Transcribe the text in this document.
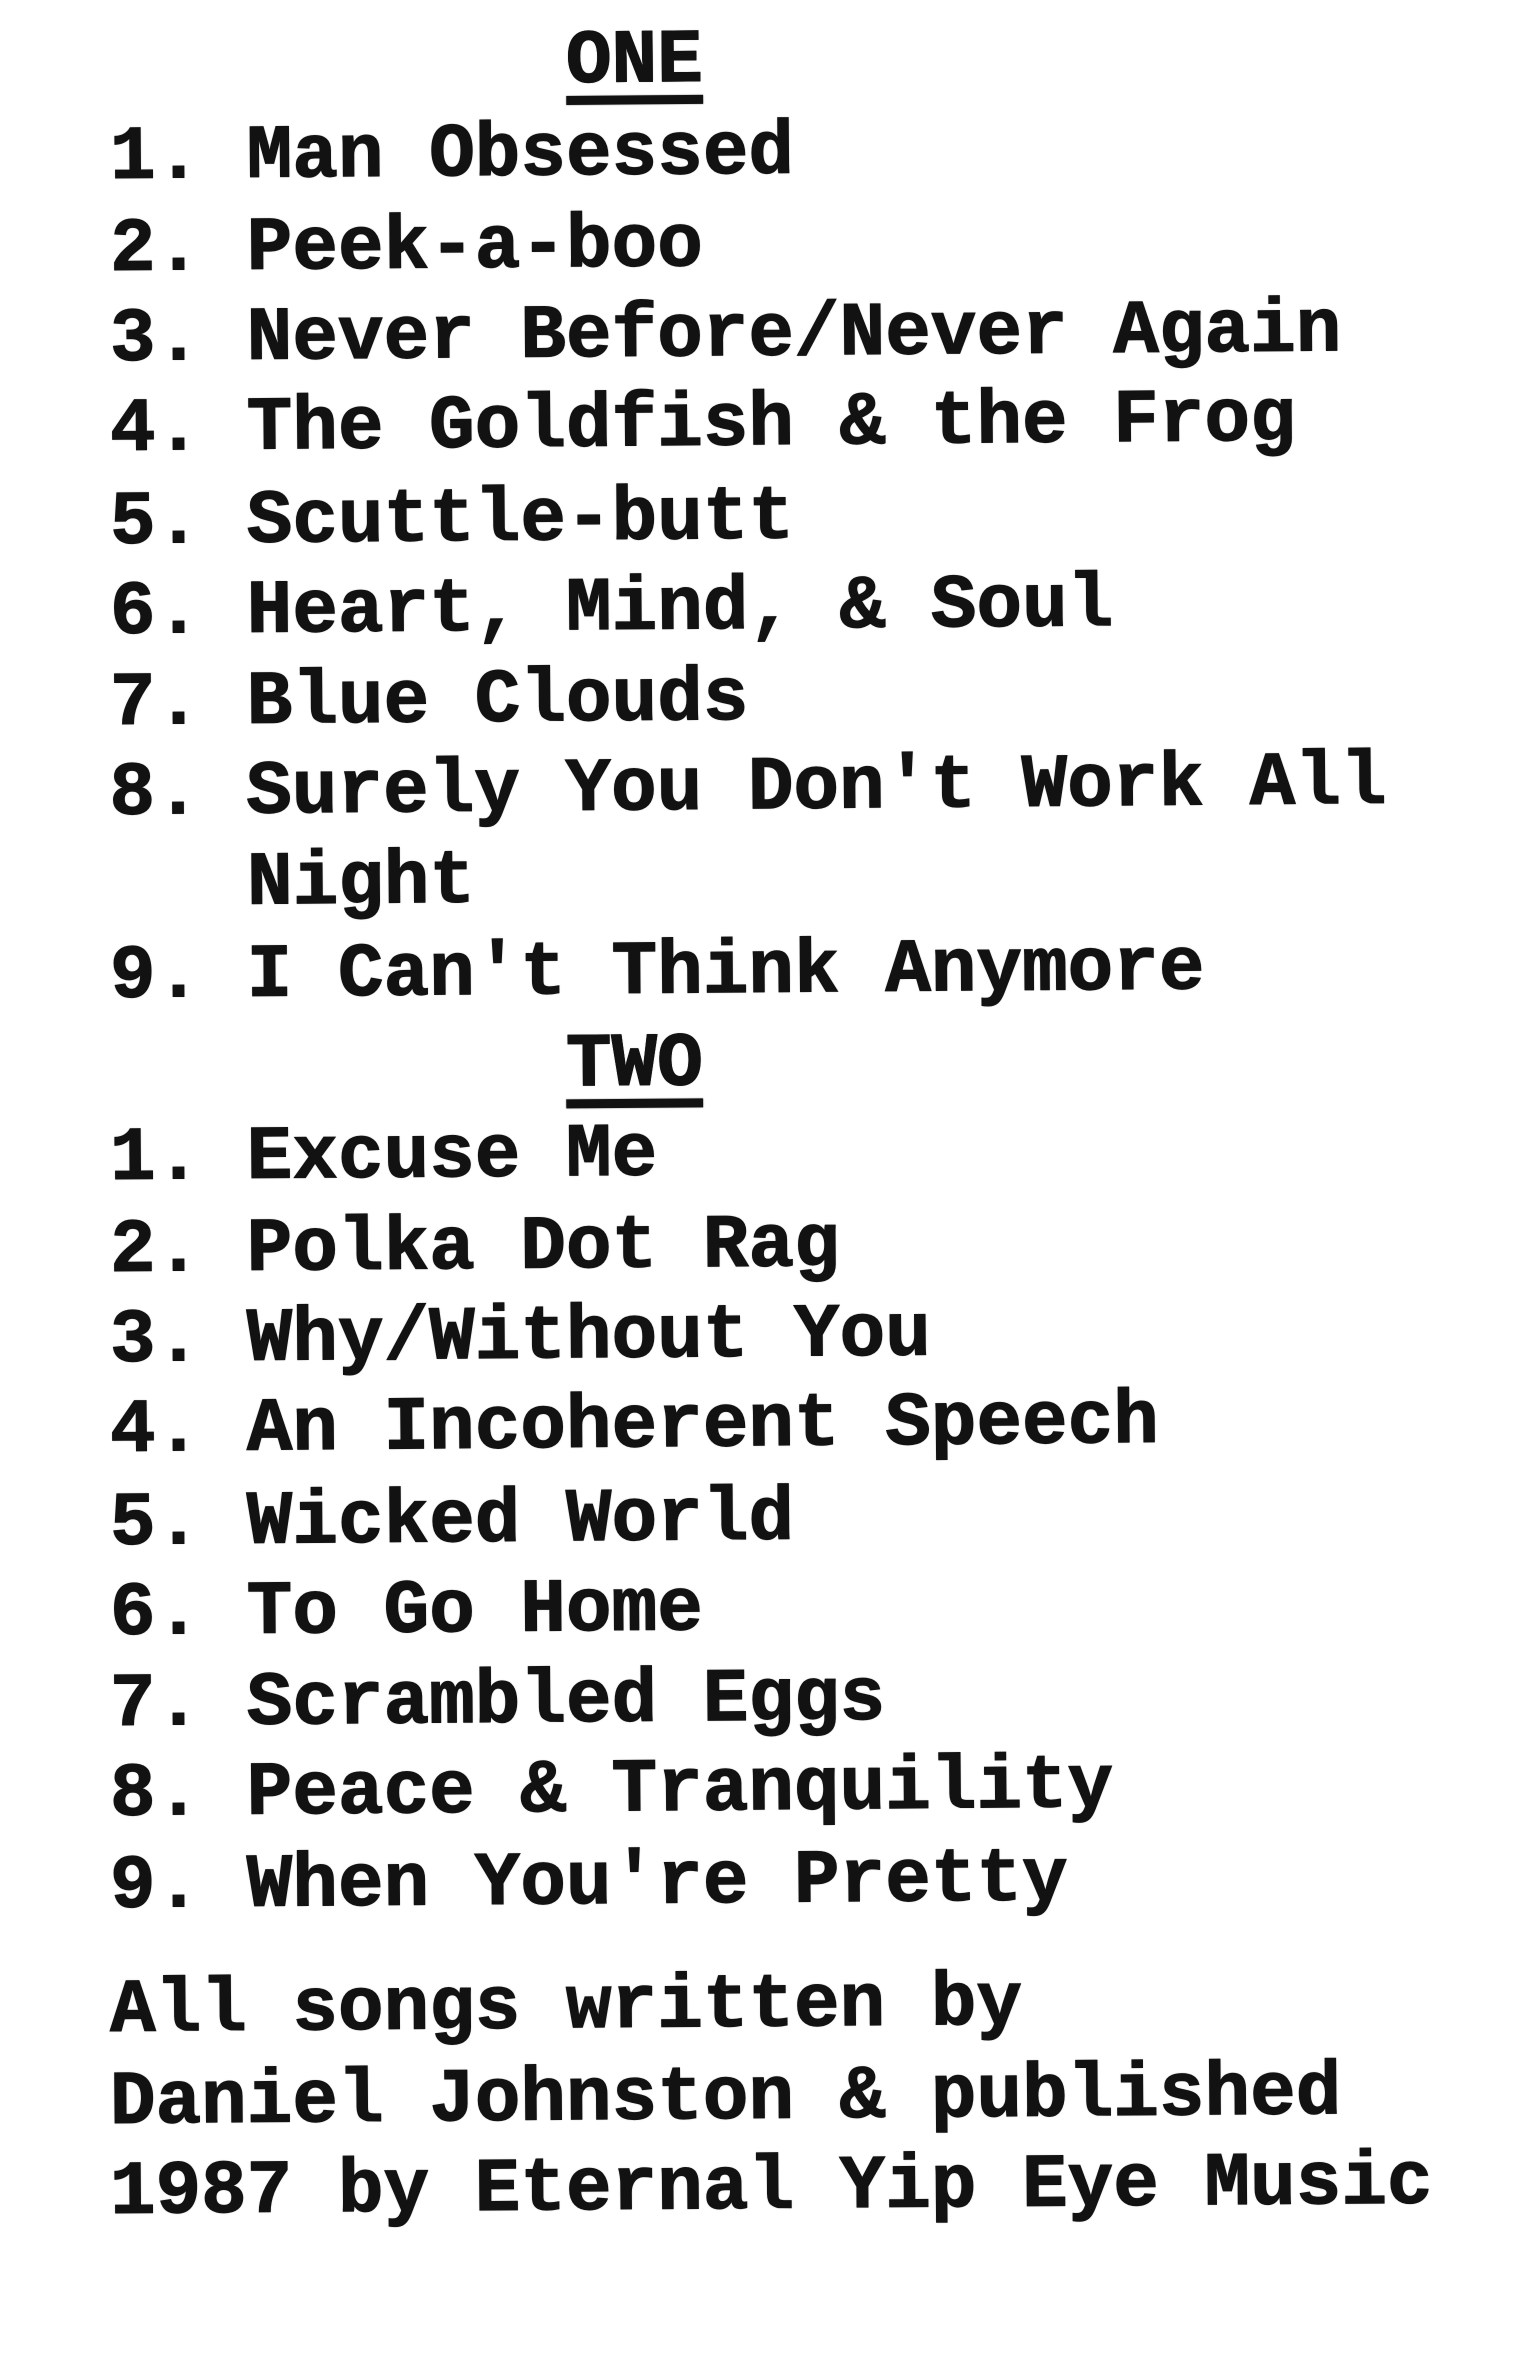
ONE
1. Man Obsessed
2. Peek-a-boo
3. Never Before/Never Again
4. The Goldfish & the Frog
5. Scuttle-butt
6. Heart, Mind, & Soul
7. Blue Clouds
8. Surely You Don't Work All
Night
9. I Can't Think Anymore
TWO
1. Excuse Me
2. Polka Dot Rag
3. Why/Without You
4. An Incoherent Speech
5. Wicked World
6. To Go Home
7. Scrambled Eggs
8. Peace & Tranquility
9. When You're Pretty
All songs written by
Daniel Johnston & published
1987 by Eternal Yip Eye Music
